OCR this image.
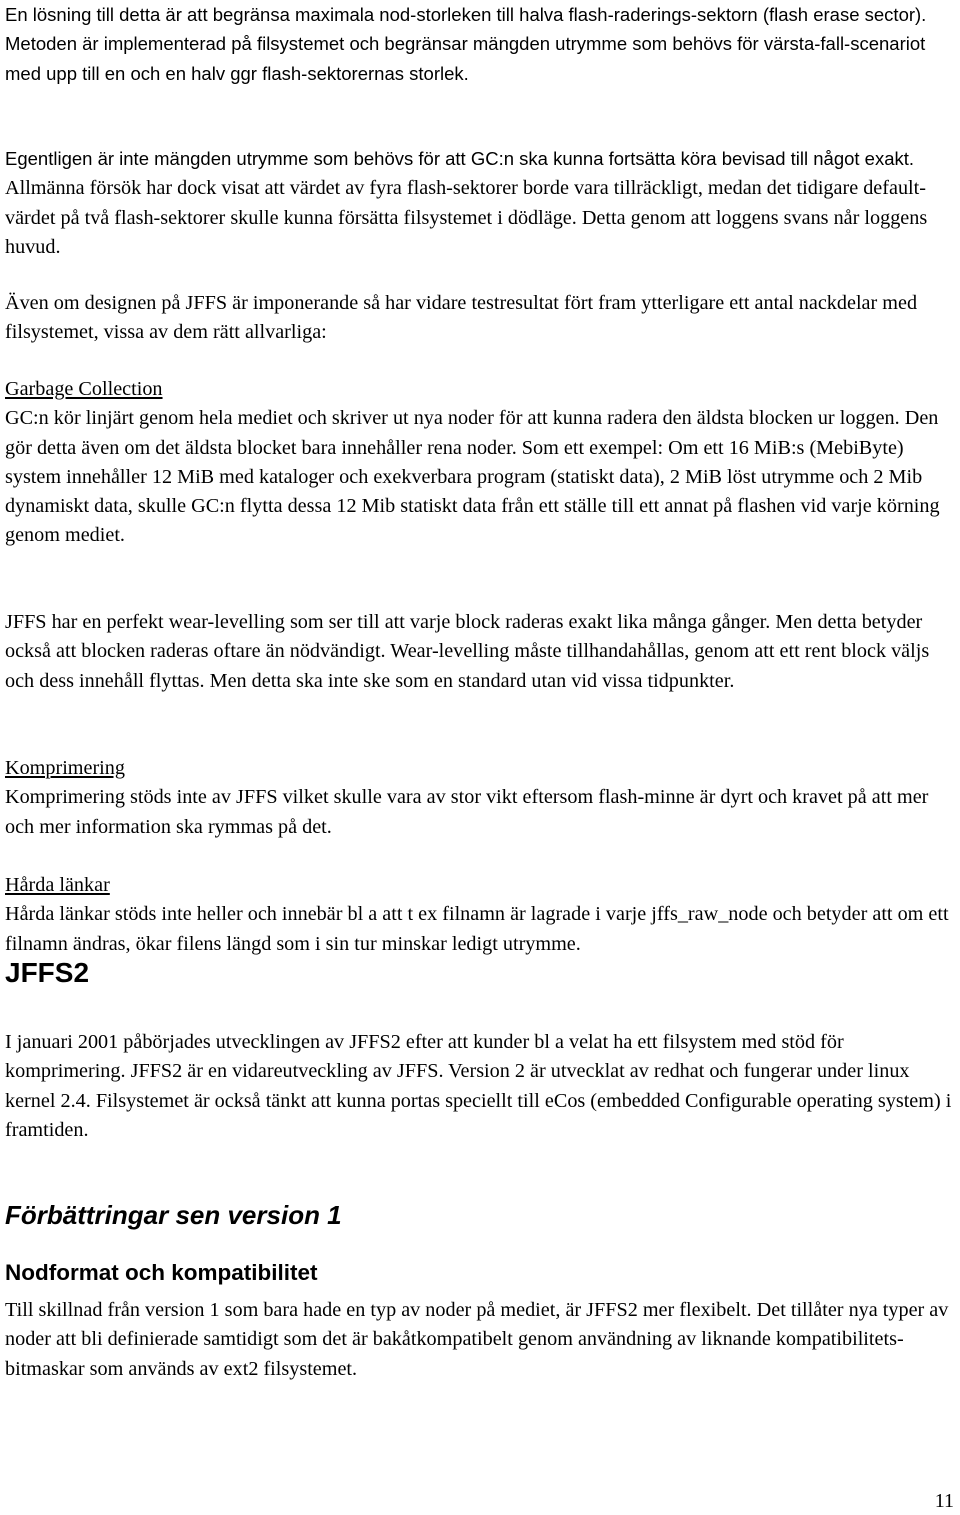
En lösning till detta är att begränsa maximala nod-storleken till halva flash-raderings-sektorn (flash erase sector). Metoden är implementerad på filsystemet och begränsar mängden utrymme som behövs för värsta-fall-scenariot med upp till en och en halv ggr flash-sektorernas storlek.

Egentligen är inte mängden utrymme som behövs för att GC:n ska kunna fortsätta köra bevisad till något exakt. Allmänna försök har dock visat att värdet av fyra flash-sektorer borde vara tillräckligt, medan det tidigare default-värdet på två flash-sektorer skulle kunna försätta filsystemet i dödläge. Detta genom att loggens svans når loggens huvud.

Även om designen på JFFS är imponerande så har vidare testresultat fört fram ytterligare ett antal nackdelar med filsystemet, vissa av dem rätt allvarliga:

Garbage Collection
GC:n kör linjärt genom hela mediet och skriver ut nya noder för att kunna radera den äldsta blocken ur loggen. Den gör detta även om det äldsta blocket bara innehåller rena noder. Som ett exempel: Om ett 16 MiB:s (MebiByte) system innehåller 12 MiB med kataloger och exekverbara program (statiskt data), 2 MiB löst utrymme och 2 Mib dynamiskt data, skulle GC:n flytta dessa 12 Mib statiskt data från ett ställe till ett annat på flashen vid varje körning genom mediet.

JFFS har en perfekt wear-levelling som ser till att varje block raderas exakt lika många gånger. Men detta betyder också att blocken raderas oftare än nödvändigt. Wear-levelling måste tillhandahållas, genom att ett rent block väljs och dess innehåll flyttas. Men detta ska inte ske som en standard utan vid vissa tidpunkter.

Komprimering
Komprimering stöds inte av JFFS vilket skulle vara av stor vikt eftersom flash-minne är dyrt och kravet på att mer och mer information ska rymmas på det.
Hårda länkar
Hårda länkar stöds inte heller och innebär bl a att t ex filnamn är lagrade i varje jffs_raw_node och betyder att om ett filnamn ändras, ökar filens längd som i sin tur minskar ledigt utrymme.
JFFS2

I januari 2001 påbörjades utvecklingen av JFFS2 efter att kunder bl a velat ha ett filsystem med stöd för komprimering. JFFS2 är en vidareutveckling av JFFS. Version 2 är utvecklat av redhat och fungerar under linux kernel 2.4. Filsystemet är också tänkt att kunna portas speciellt till eCos (embedded Configurable operating system) i framtiden.

Förbättringar sen version 1
Nodformat och kompatibilitet

Till skillnad från version 1 som bara hade en typ av noder på mediet, är JFFS2 mer flexibelt. Det tillåter nya typer av noder att bli definierade samtidigt som det är bakåtkompatibelt genom användning av liknande kompatibilitets-bitmaskar som används av ext2 filsystemet.

11
